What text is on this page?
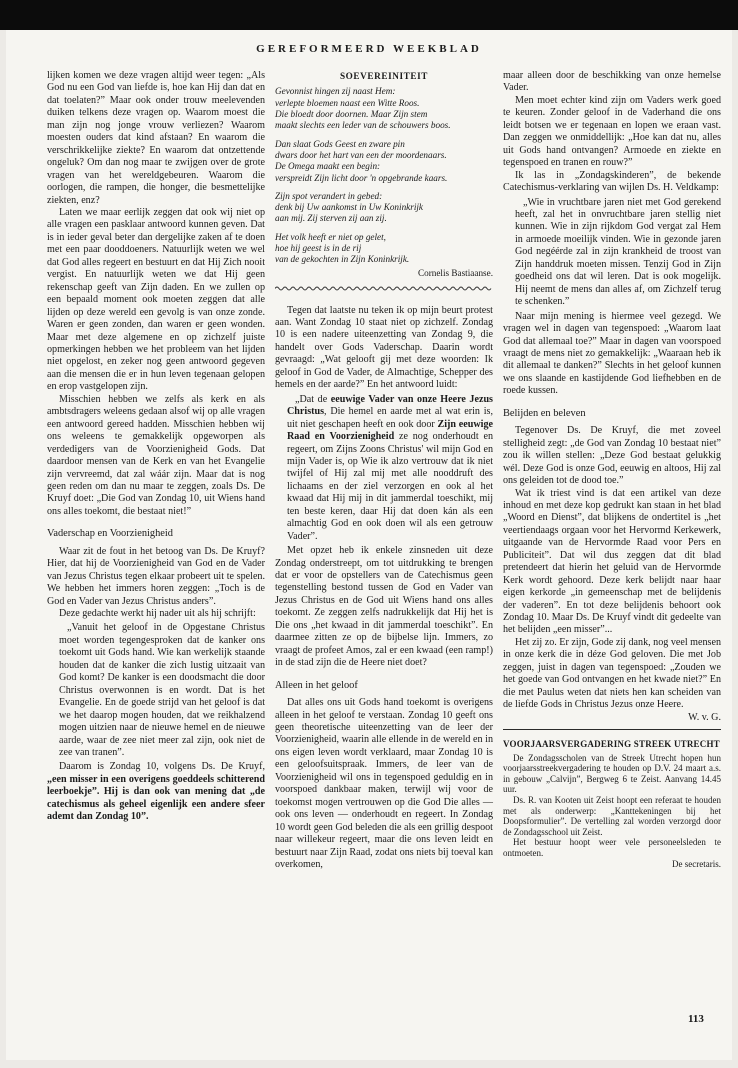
GEREFORMEERD WEEKBLAD

lijken komen we deze vragen altijd weer tegen: „Als God nu een God van liefde is, hoe kan Hij dan dat en dat toelaten?” Maar ook onder trouw meelevenden duiken telkens deze vragen op. Waarom moest die man zijn nog jonge vrouw verliezen? Waarom moesten ouders dat kind afstaan? En waarom die verschrikkelijke ziekte? En waarom dat ontzettende ongeluk? Om dan nog maar te zwijgen over de grote vragen van het wereldgebeuren. Waarom die oorlogen, die rampen, die honger, die besmettelijke ziekten, enz?

Laten we maar eerlijk zeggen dat ook wij niet op alle vragen een pasklaar antwoord kunnen geven. Dat is in ieder geval beter dan dergelijke zaken af te doen met een paar dooddoeners. Natuurlijk weten we wel dat God alles regeert en bestuurt en dat Hij Zich nooit vergist. En natuurlijk weten we dat Hij geen rekenschap geeft van Zijn daden. En we zullen op een bepaald moment ook moeten zeggen dat alle lijden op deze wereld een gevolg is van onze zonde. Waren er geen zonden, dan waren er geen wonden. Maar met deze algemene en op zichzelf juiste opmerkingen hebben we het probleem van het lijden niet opgelost, en zeker nog geen antwoord gegeven aan die mensen die er in hun leven tegenaan gelopen en erop vastgelopen zijn.

Misschien hebben we zelfs als kerk en als ambtsdragers weleens gedaan alsof wij op alle vragen een antwoord gereed hadden. Misschien hebben wij ons weleens te gemakkelijk opgeworpen als verdedigers van de Voorzienigheid Gods. Dat daardoor mensen van de Kerk en van het Evangelie zijn vervreemd, dat zal wáár zijn. Maar dat is nog geen reden om dan nu maar te zeggen, zoals Ds. De Kruyf doet: „Die God van Zondag 10, uit Wiens hand ons alles toekomt, die bestaat niet!”

Vaderschap en Voorzienigheid

Waar zit de fout in het betoog van Ds. De Kruyf? Hier, dat hij de Voorzienigheid van God en de Vader van Jezus Christus tegen elkaar probeert uit te spelen. We hebben het immers horen zeggen: „Toch is de God en Vader van Jezus Christus anders”.

Deze gedachte werkt hij nader uit als hij schrijft:

„Vanuit het geloof in de Opgestane Christus moet worden tegengesproken dat de kanker ons toekomt uit Gods hand. Wie kan werkelijk staande houden dat de kanker die zich lustig uitzaait van God komt? De kanker is een doodsmacht die door Christus overwonnen is en wordt. Dat is het Evangelie. En de goede strijd van het geloof is dat we het daarop mogen houden, dat we reikhalzend mogen uitzien naar de nieuwe hemel en de nieuwe aarde, waar de zee niet meer zal zijn, ook niet de zee van tranen”.

Daarom is Zondag 10, volgens Ds. De Kruyf, „een misser in een overigens goeddeels schitterend leerboekje”. Hij is dan ook van mening dat „de catechismus als geheel eigenlijk een andere sfeer ademt dan Zondag 10”.

SOEVEREINITEIT
Gevonnist hingen zij naast Hem:
verlepte bloemen naast een Witte Roos.
Die bloedt door doornen. Maar Zijn stem
maakt slechts een leder van de schouwers boos.
Dan slaat Gods Geest en zware pin
dwars door het hart van een der moordenaars.
De Omega maakt een begin:
verspreidt Zijn licht door 'n opgebrande kaars.
Zijn spot verandert in gebed:
denk bij Uw aankomst in Uw Koninkrijk
aan mij. Zij sterven zij aan zij.
Het volk heeft er niet op gelet,
hoe hij geest is in de rij
van de gekochten in Zijn Koninkrijk.
Cornelis Bastiaanse.

Tegen dat laatste nu teken ik op mijn beurt protest aan. Want Zondag 10 staat niet op zichzelf. Zondag 10 is een nadere uiteenzetting van Zondag 9, die handelt over Gods Vaderschap. Daarin wordt gevraagd: „Wat gelooft gij met deze woorden: Ik geloof in God de Vader, de Almachtige, Schepper des hemels en der aarde?” En het antwoord luidt:

„Dat de eeuwige Vader van onze Heere Jezus Christus, Die hemel en aarde met al wat erin is, uit niet geschapen heeft en ook door Zijn eeuwige Raad en Voorzienigheid ze nog onderhoudt en regeert, om Zijns Zoons Christus' wil mijn God en mijn Vader is, op Wie ik alzo vertrouw dat ik niet twijfel of Hij zal mij met alle nooddruft des lichaams en der ziel verzorgen en ook al het kwaad dat Hij mij in dit jammerdal toeschikt, mij ten beste keren, daar Hij dat doen kán als een almachtig God en ook doen wil als een getrouw Vader”.

Met opzet heb ik enkele zinsneden uit deze Zondag onderstreept, om tot uitdrukking te brengen dat er voor de opstellers van de Catechismus geen tegenstelling bestond tussen de God en Vader van Jezus Christus en de God uit Wiens hand ons alles toekomt. Ze zeggen zelfs nadrukkelijk dat Hij het is Die ons „het kwaad in dit jammerdal toeschikt”. En daarmee zitten ze op de bijbelse lijn. Immers, zo vraagt de profeet Amos, zal er een kwaad (een ramp!) in de stad zijn die de Heere niet doet?

Alleen in het geloof

Dat alles ons uit Gods hand toekomt is overigens alleen in het geloof te verstaan. Zondag 10 geeft ons geen theoretische uiteenzetting van de leer der Voorzienigheid, waarin alle ellende in de wereld en in ons eigen leven wordt verklaard, maar Zondag 10 is een geloofsuitspraak. Immers, de leer van de Voorzienigheid wil ons in tegenspoed geduldig en in voorspoed dankbaar maken, terwijl wij voor de toekomst mogen vertrouwen op die God Die alles — ook ons leven — onderhoudt en regeert. In Zondag 10 wordt geen God beleden die als een grillig despoot naar willekeur regeert, maar die ons leven leidt en bestuurt naar Zijn Raad, zodat ons niets bij toeval kan overkomen,

maar alleen door de beschikking van onze hemelse Vader.

Men moet echter kind zijn om Vaders werk goed te keuren. Zonder geloof in de Vaderhand die ons leidt botsen we er tegenaan en lopen we eraan vast. Dan zeggen we onmiddellijk: „Hoe kan dat nu, alles uit Gods hand ontvangen? Armoede en ziekte en tegenspoed en tranen en rouw?”

Ik las in „Zondagskinderen”, de bekende Catechismus-verklaring van wijlen Ds. H. Veldkamp:

„Wie in vruchtbare jaren niet met God gerekend heeft, zal het in onvruchtbare jaren stellig niet kunnen. Wie in zijn rijkdom God vergat zal Hem in armoede moeilijk vinden. Wie in gezonde jaren God negéérde zal in zijn krankheid de troost van Zijn handdruk moeten missen. Tenzij God in Zijn goedheid ons dat wil leren. Dat is ook mogelijk. Hij neemt de mens dan alles af, om Zichzelf terug te schenken.”

Naar mijn mening is hiermee veel gezegd. We vragen wel in dagen van tegenspoed: „Waarom laat God dat allemaal toe?” Maar in dagen van voorspoed vraagt de mens niet zo gemakkelijk: „Waaraan heb ik dit allemaal te danken?” Slechts in het geloof kunnen we ons slaande en kastijdende God liefhebben en de roede kussen.

Belijden en beleven

Tegenover Ds. De Kruyf, die met zoveel stelligheid zegt: „de God van Zondag 10 bestaat niet” zou ik willen stellen: „Deze God bestaat gelukkig wél. Deze God is onze God, eeuwig en altoos, Hij zal ons geleiden tot de dood toe.”

Wat ik triest vind is dat een artikel van deze inhoud en met deze kop gedrukt kan staan in het blad „Woord en Dienst”, dat blijkens de ondertitel is „het veertiendaags orgaan voor het Hervormd Kerkewerk, uitgaande van de Hervormde Raad voor Pers en Publiciteit”. Dat wil dus zeggen dat dit blad pretendeert dat hierin het geluid van de Hervormde Kerk wordt gehoord. Deze kerk belijdt naar haar eigen kerkorde „in gemeenschap met de belijdenis der vaderen”. En tot deze belijdenis behoort ook Zondag 10. Maar Ds. De Kruyf vindt dit gedeelte van het belijden „een misser”...

Het zij zo. Er zijn, Gode zij dank, nog veel mensen in onze kerk die in déze God geloven. Die met Job zeggen, juist in dagen van tegenspoed: „Zouden we het goede van God ontvangen en het kwade niet?” En die met Paulus weten dat niets hen kan scheiden van de liefde Gods in Christus Jezus onze Heere.

W. v. G.
VOORJAARSVERGADERING STREEK UTRECHT

De Zondagsscholen van de Streek Utrecht hopen hun voorjaarsstreekvergadering te houden op D.V. 24 maart a.s. in gebouw „Calvijn”, Bergweg 6 te Zeist. Aanvang 14.45 uur.

Ds. R. van Kooten uit Zeist hoopt een referaat te houden met als onderwerp: „Kanttekeningen bij het Doopsformulier”. De vertelling zal worden verzorgd door de Zondagsschool uit Zeist.

Het bestuur hoopt weer vele personeelsleden te ontmoeten.

De secretaris.
113
